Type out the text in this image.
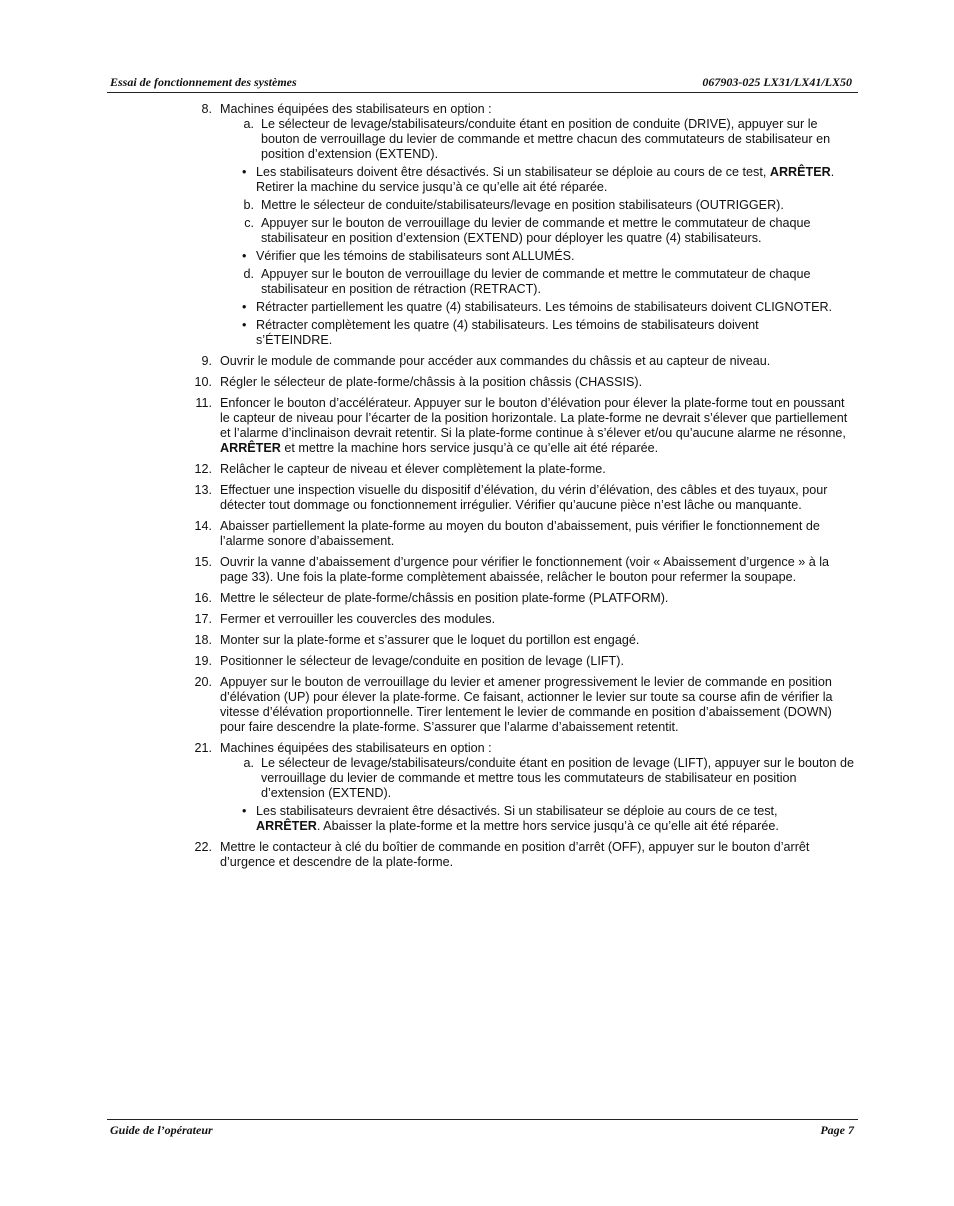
Essai de fonctionnement des systèmes	067903-025 LX31/LX41/LX50
8. Machines équipées des stabilisateurs en option :
a. Le sélecteur de levage/stabilisateurs/conduite étant en position de conduite (DRIVE), appuyer sur le bouton de verrouillage du levier de commande et mettre chacun des commutateurs de stabilisateur en position d’extension (EXTEND).
• Les stabilisateurs doivent être désactivés. Si un stabilisateur se déploie au cours de ce test, ARRÊTER. Retirer la machine du service jusqu’à ce qu’elle ait été réparée.
b. Mettre le sélecteur de conduite/stabilisateurs/levage en position stabilisateurs (OUTRIGGER).
c. Appuyer sur le bouton de verrouillage du levier de commande et mettre le commutateur de chaque stabilisateur en position d’extension (EXTEND) pour déployer les quatre (4) stabilisateurs.
• Vérifier que les témoins de stabilisateurs sont ALLUMÉS.
d. Appuyer sur le bouton de verrouillage du levier de commande et mettre le commutateur de chaque stabilisateur en position de rétraction (RETRACT).
• Rétracter partiellement les quatre (4) stabilisateurs. Les témoins de stabilisateurs doivent CLIGNOTER.
• Rétracter complètement les quatre (4) stabilisateurs. Les témoins de stabilisateurs doivent s’ÉTEINDRE.
9. Ouvrir le module de commande pour accéder aux commandes du châssis et au capteur de niveau.
10. Régler le sélecteur de plate-forme/châssis à la position châssis (CHASSIS).
11. Enfoncer le bouton d’accélérateur. Appuyer sur le bouton d’élévation pour élever la plate-forme tout en poussant le capteur de niveau pour l’écarter de la position horizontale. La plate-forme ne devrait s’élever que partiellement et l’alarme d’inclinaison devrait retentir. Si la plate-forme continue à s’élever et/ou qu’aucune alarme ne résonne, ARRÊTER et mettre la machine hors service jusqu’à ce qu’elle ait été réparée.
12. Relâcher le capteur de niveau et élever complètement la plate-forme.
13. Effectuer une inspection visuelle du dispositif d’élévation, du vérin d’élévation, des câbles et des tuyaux, pour détecter tout dommage ou fonctionnement irrégulier. Vérifier qu’aucune pièce n’est lâche ou manquante.
14. Abaisser partiellement la plate-forme au moyen du bouton d’abaissement, puis vérifier le fonctionnement de l’alarme sonore d’abaissement.
15. Ouvrir la vanne d’abaissement d’urgence pour vérifier le fonctionnement (voir « Abaissement d’urgence » à la page 33). Une fois la plate-forme complètement abaissée, relâcher le bouton pour refermer la soupape.
16. Mettre le sélecteur de plate-forme/châssis en position plate-forme (PLATFORM).
17. Fermer et verrouiller les couvercles des modules.
18. Monter sur la plate-forme et s’assurer que le loquet du portillon est engagé.
19. Positionner le sélecteur de levage/conduite en position de levage (LIFT).
20. Appuyer sur le bouton de verrouillage du levier et amener progressivement le levier de commande en position d’élévation (UP) pour élever la plate-forme. Ce faisant, actionner le levier sur toute sa course afin de vérifier la vitesse d’élévation proportionnelle. Tirer lentement le levier de commande en position d’abaissement (DOWN) pour faire descendre la plate-forme. S’assurer que l’alarme d’abaissement retentit.
21. Machines équipées des stabilisateurs en option :
a. Le sélecteur de levage/stabilisateurs/conduite étant en position de levage (LIFT), appuyer sur le bouton de verrouillage du levier de commande et mettre tous les commutateurs de stabilisateur en position d’extension (EXTEND).
• Les stabilisateurs devraient être désactivés. Si un stabilisateur se déploie au cours de ce test, ARRÊTER. Abaisser la plate-forme et la mettre hors service jusqu’à ce qu’elle ait été réparée.
22. Mettre le contacteur à clé du boîtier de commande en position d’arrêt (OFF), appuyer sur le bouton d’arrêt d’urgence et descendre de la plate-forme.
Guide de l’opérateur	Page 7
